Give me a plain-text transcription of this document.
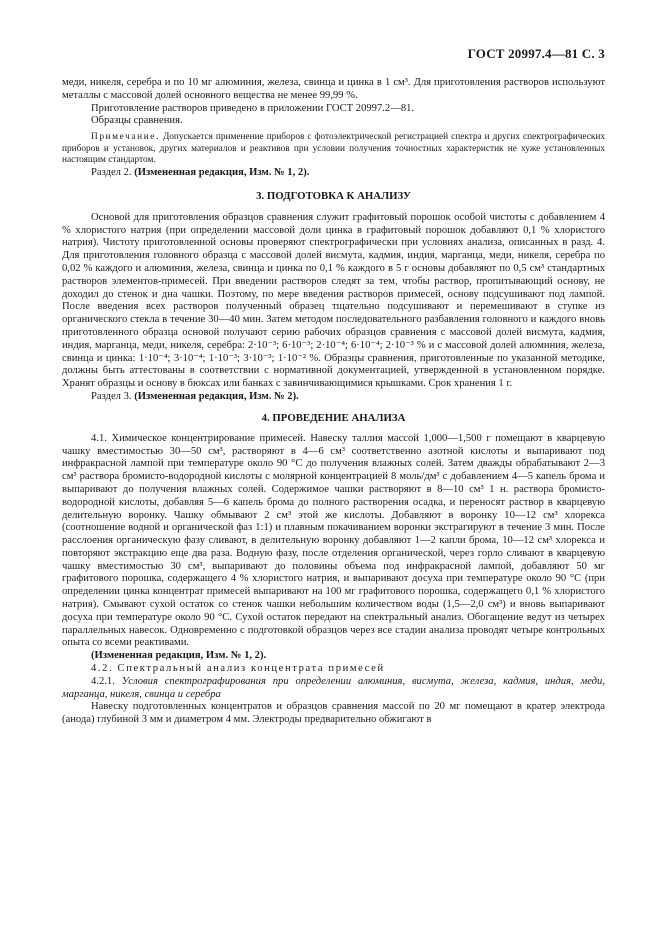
ГОСТ 20997.4—81 С. 3

меди, никеля, серебра и по 10 мг алюминия, железа, свинца и цинка в 1 см³. Для приготовления растворов используют металлы с массовой долей основного вещества не менее 99,99 %.

Приготовление растворов приведено в приложении ГОСТ 20997.2—81.

Образцы сравнения.

Примечание. Допускается применение приборов с фотоэлектрической регистрацией спектра и других спектрографических приборов и установок, других материалов и реактивов при условии получения точностных характеристик не хуже установленных настоящим стандартом.

Раздел 2. (Измененная редакция, Изм. № 1, 2).

3. ПОДГОТОВКА К АНАЛИЗУ

Основой для приготовления образцов сравнения служит графитовый порошок особой чистоты с добавлением 4 % хлористого натрия (при определении массовой доли цинка в графитовый порошок добавляют 0,1 % хлористого натрия). Чистоту приготовленной основы проверяют спектрографически при условиях анализа, описанных в разд. 4. Для приготовления головного образца с массовой долей висмута, кадмия, индия, марганца, меди, никеля, серебра по 0,02 % каждого и алюминия, железа, свинца и цинка по 0,1 % каждого в 5 г основы добавляют по 0,5 см³ стандартных растворов элементов-примесей. При введении растворов следят за тем, чтобы раствор, пропитывающий основу, не доходил до стенок и дна чашки. Поэтому, по мере введения растворов примесей, основу подсушивают под лампой. После введения всех растворов полученный образец тщательно подсушивают и перемешивают в ступке из органического стекла в течение 30—40 мин. Затем методом последовательного разбавления головного и каждого вновь приготовленного образца основой получают серию рабочих образцов сравнения с массовой долей висмута, кадмия, индия, марганца, меди, никеля, серебра: 2·10⁻³; 6·10⁻³; 2·10⁻⁴; 6·10⁻⁴; 2·10⁻³ % и с массовой долей алюминия, железа, свинца и цинка: 1·10⁻⁴; 3·10⁻⁴; 1·10⁻³; 3·10⁻³; 1·10⁻² %. Образцы сравнения, приготовленные по указанной методике, должны быть аттестованы в соответствии с нормативной документацией, утвержденной в установленном порядке. Хранят образцы и основу в бюксах или банках с завинчивающимися крышками. Срок хранения 1 г.

Раздел 3. (Измененная редакция, Изм. № 2).

4. ПРОВЕДЕНИЕ АНАЛИЗА

4.1. Химическое концентрирование примесей. Навеску таллия массой 1,000—1,500 г помещают в кварцевую чашку вместимостью 30—50 см³, растворяют в 4—6 см³ соответственно азотной кислоты и выпаривают под инфракрасной лампой при температуре около 90 °С до получения влажных солей. Затем дважды обрабатывают 2—3 см³ раствора бромисто-водородной кислоты с молярной концентрацией 8 моль/дм³ с добавлением 4—5 капель брома и выпаривают до получения влажных солей. Содержимое чашки растворяют в 8—10 см³ 1 н. раствора бромисто-водородной кислоты, добавляя 5—6 капель брома до полного растворения осадка, и переносят раствор в кварцевую делительную воронку. Чашку обмывают 2 см³ этой же кислоты. Добавляют в воронку 10—12 см³ хлорекса (соотношение водной и органической фаз 1:1) и плавным покачиванием воронки экстрагируют в течение 3 мин. После расслоения органическую фазу сливают, в делительную воронку добавляют 1—2 капли брома, 10—12 см³ хлорекса и повторяют экстракцию еще два раза. Водную фазу, после отделения органической, через горло сливают в кварцевую чашку вместимостью 30 см³, выпаривают до половины объема под инфракрасной лампой, добавляют 50 мг графитового порошка, содержащего 4 % хлористого натрия, и выпаривают досуха при температуре около 90 °С (при определении цинка концентрат примесей выпаривают на 100 мг графитового порошка, содержащего 0,1 % хлористого натрия). Смывают сухой остаток со стенок чашки небольшим количеством воды (1,5—2,0 см³) и вновь выпаривают досуха при температуре около 90 °С. Сухой остаток передают на спектральный анализ. Обогащение ведут из четырех параллельных навесок. Одновременно с подготовкой образцов через все стадии анализа проводят четыре контрольных опыта со всеми реактивами.

(Измененная редакция, Изм. № 1, 2).

4.2. Спектральный анализ концентрата примесей

4.2.1. Условия спектрографирования при определении алюминия, висмута, железа, кадмия, индия, меди, марганца, никеля, свинца и серебра

Навеску подготовленных концентратов и образцов сравнения массой по 20 мг помещают в кратер электрода (анода) глубиной 3 мм и диаметром 4 мм. Электроды предварительно обжигают в
